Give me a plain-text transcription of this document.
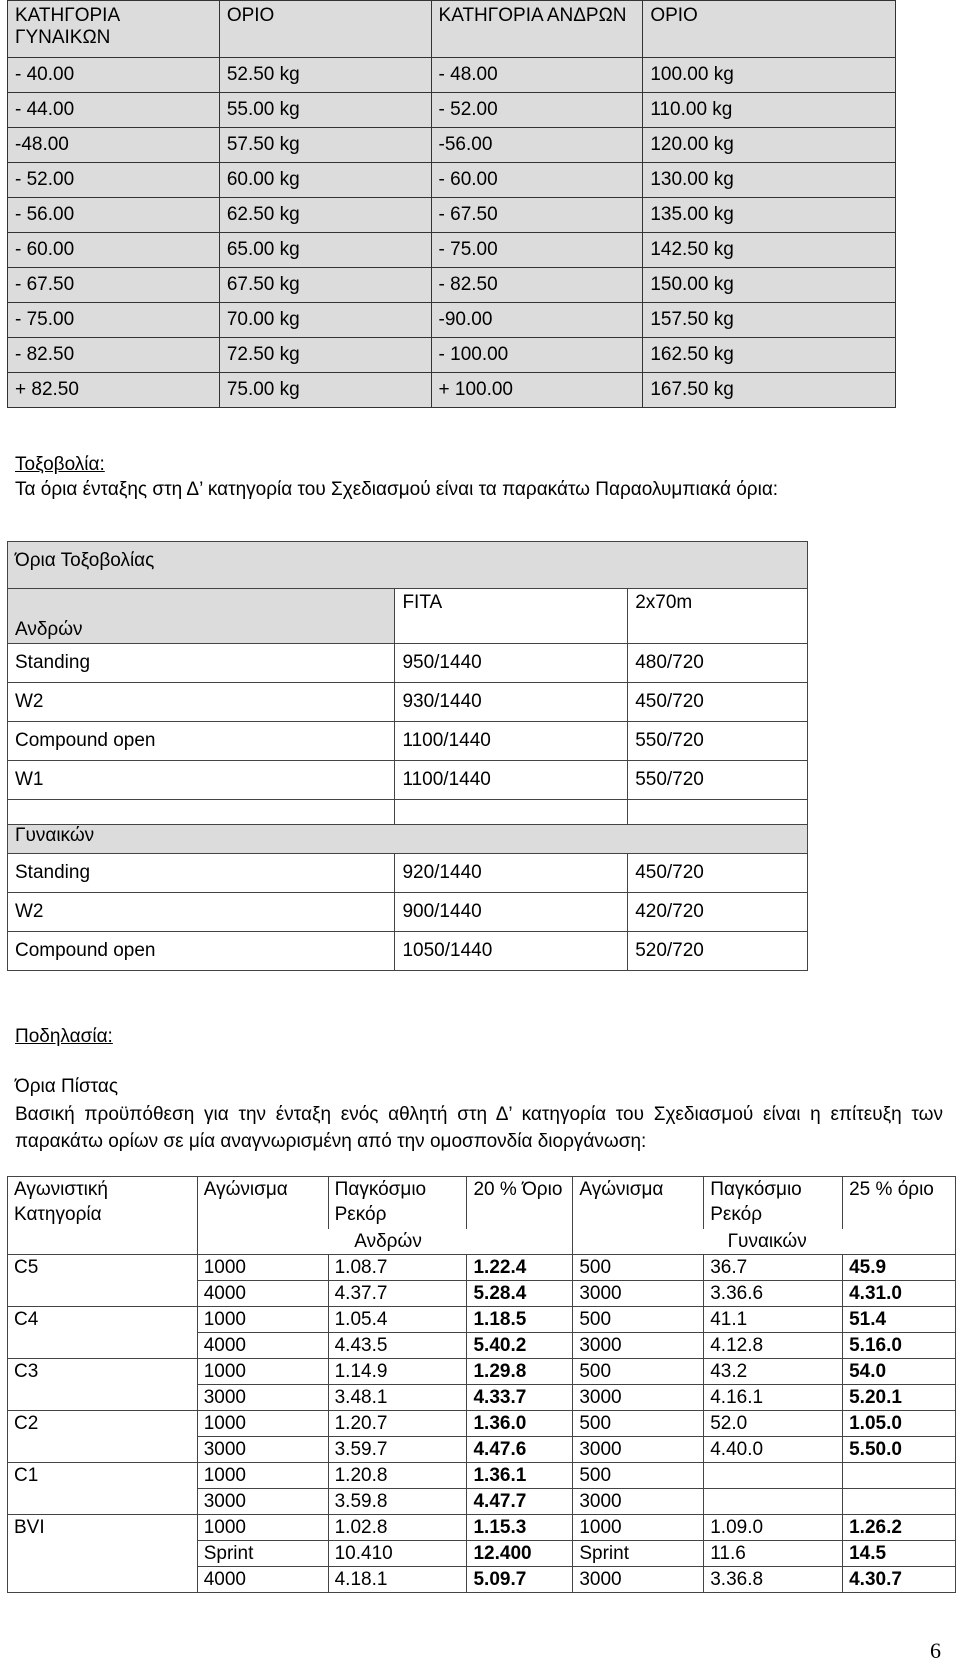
ΚΑΤΗΓΟΡΙΑ ΓΥΝΑΙΚΩΝ	ΟΡΙΟ	ΚΑΤΗΓΟΡΙΑ ΑΝΔΡΩΝ	ΟΡΙΟ
- 40.00	52.50 kg	- 48.00	100.00 kg
- 44.00	55.00 kg	- 52.00	110.00 kg
-48.00	57.50 kg	-56.00	120.00 kg
- 52.00	60.00 kg	- 60.00	130.00 kg
- 56.00	62.50 kg	- 67.50	135.00 kg
- 60.00	65.00 kg	- 75.00	142.50 kg
- 67.50	67.50 kg	- 82.50	150.00 kg
- 75.00	70.00 kg	-90.00	157.50 kg
- 82.50	72.50 kg	- 100.00	162.50 kg
+ 82.50	75.00 kg	+ 100.00	167.50 kg
Τοξοβολία:
Τα όρια ένταξης στη Δ’ κατηγορία του Σχεδιασμού είναι τα παρακάτω Παραολυμπιακά όρια:
Όρια Τοξοβολίας		
Ανδρών	FITA	2x70m
Standing	950/1440	480/720
W2	930/1440	450/720
Compound open	1100/1440	550/720
W1	1100/1440	550/720

Γυναικών		
Standing	920/1440	450/720
W2	900/1440	420/720
Compound open	1050/1440	520/720
Ποδηλασία:
Όρια Πίστας
Βασική προϋπόθεση για την ένταξη ενός αθλητή στη Δ’ κατηγορία του Σχεδιασμού είναι η επίτευξη των παρακάτω ορίων σε μία αναγνωρισμένη από την ομοσπονδία διοργάνωση:
Αγωνιστική Κατηγορία	Αγώνισμα	Παγκόσμιο Ρεκόρ	20 % Όριο	Αγώνισμα	Παγκόσμιο Ρεκόρ	25 % όριο
	Ανδρών			Γυναικών		
C5	1000	1.08.7	1.22.4	500	36.7	45.9
	4000	4.37.7	5.28.4	3000	3.36.6	4.31.0
C4	1000	1.05.4	1.18.5	500	41.1	51.4
	4000	4.43.5	5.40.2	3000	4.12.8	5.16.0
C3	1000	1.14.9	1.29.8	500	43.2	54.0
	3000	3.48.1	4.33.7	3000	4.16.1	5.20.1
C2	1000	1.20.7	1.36.0	500	52.0	1.05.0
	3000	3.59.7	4.47.6	3000	4.40.0	5.50.0
C1	1000	1.20.8	1.36.1	500		
	3000	3.59.8	4.47.7	3000		
BVI	1000	1.02.8	1.15.3	1000	1.09.0	1.26.2
	Sprint	10.410	12.400	Sprint	11.6	14.5
	4000	4.18.1	5.09.7	3000	3.36.8	4.30.7
6
